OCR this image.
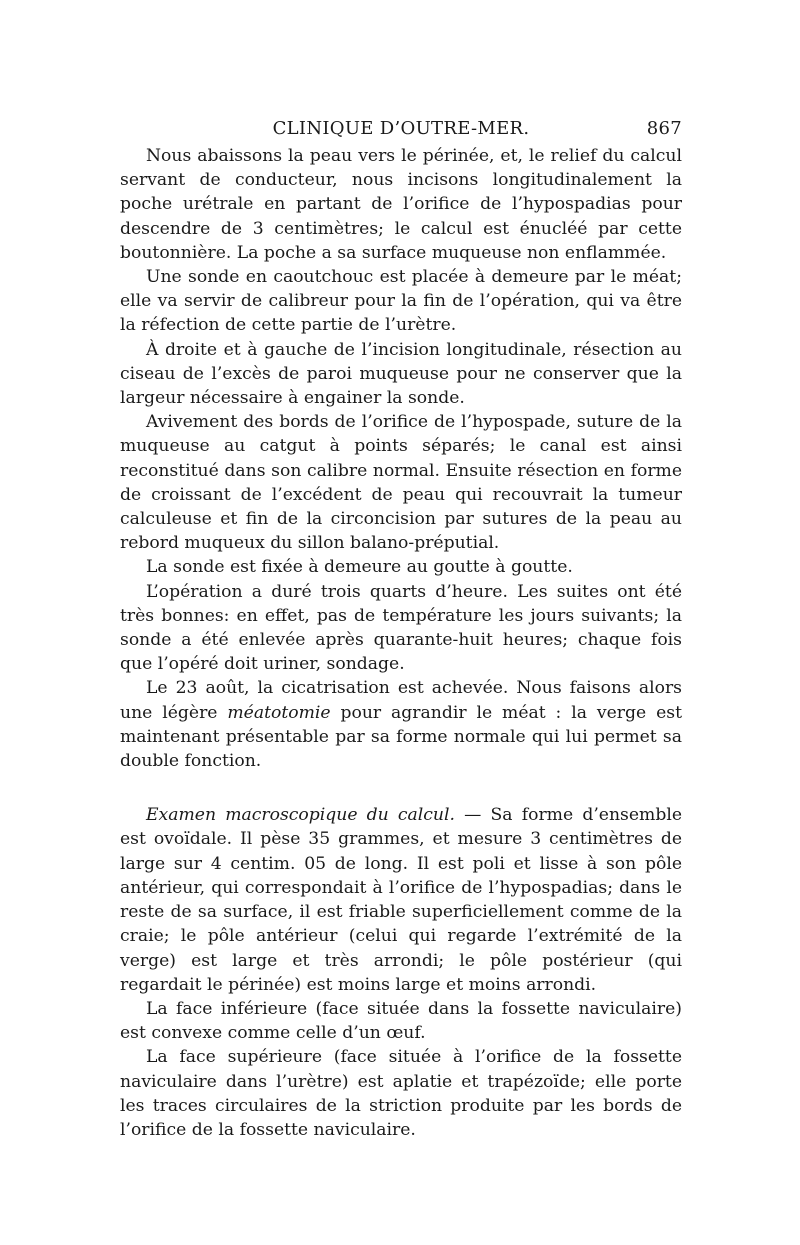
CLINIQUE D’OUTRE-MER.	867

Nous abaissons la peau vers le périnée, et, le relief du calcul servant de conducteur, nous incisons longitudinalement la poche urétrale en partant de l’orifice de l’hypospadias pour descendre de 3 centimètres; le calcul est énucléé par cette boutonnière. La poche a sa surface muqueuse non enflammée.

Une sonde en caoutchouc est placée à demeure par le méat; elle va servir de calibreur pour la fin de l’opération, qui va être la réfection de cette partie de l’urètre.

À droite et à gauche de l’incision longitudinale, résection au ciseau de l’excès de paroi muqueuse pour ne conserver que la largeur nécessaire à engainer la sonde.

Avivement des bords de l’orifice de l’hypospade, suture de la muqueuse au catgut à points séparés; le canal est ainsi reconstitué dans son calibre normal. Ensuite résection en forme de croissant de l’excédent de peau qui recouvrait la tumeur calculeuse et fin de la circoncision par sutures de la peau au rebord muqueux du sillon balano-préputial.

La sonde est fixée à demeure au goutte à goutte.

L’opération a duré trois quarts d’heure. Les suites ont été très bonnes: en effet, pas de température les jours suivants; la sonde a été enlevée après quarante-huit heures; chaque fois que l’opéré doit uriner, sondage.

Le 23 août, la cicatrisation est achevée. Nous faisons alors une légère méatotomie pour agrandir le méat : la verge est maintenant présentable par sa forme normale qui lui permet sa double fonction.

Examen macroscopique du calcul. — Sa forme d’ensemble est ovoïdale. Il pèse 35 grammes, et mesure 3 centimètres de large sur 4 centim. 05 de long. Il est poli et lisse à son pôle antérieur, qui correspondait à l’orifice de l’hypospadias; dans le reste de sa surface, il est friable superficiellement comme de la craie; le pôle antérieur (celui qui regarde l’extrémité de la verge) est large et très arrondi; le pôle postérieur (qui regardait le périnée) est moins large et moins arrondi.

La face inférieure (face située dans la fossette naviculaire) est convexe comme celle d’un œuf.

La face supérieure (face située à l’orifice de la fossette naviculaire dans l’urètre) est aplatie et trapézoïde; elle porte les traces circulaires de la striction produite par les bords de l’orifice de la fossette naviculaire.
